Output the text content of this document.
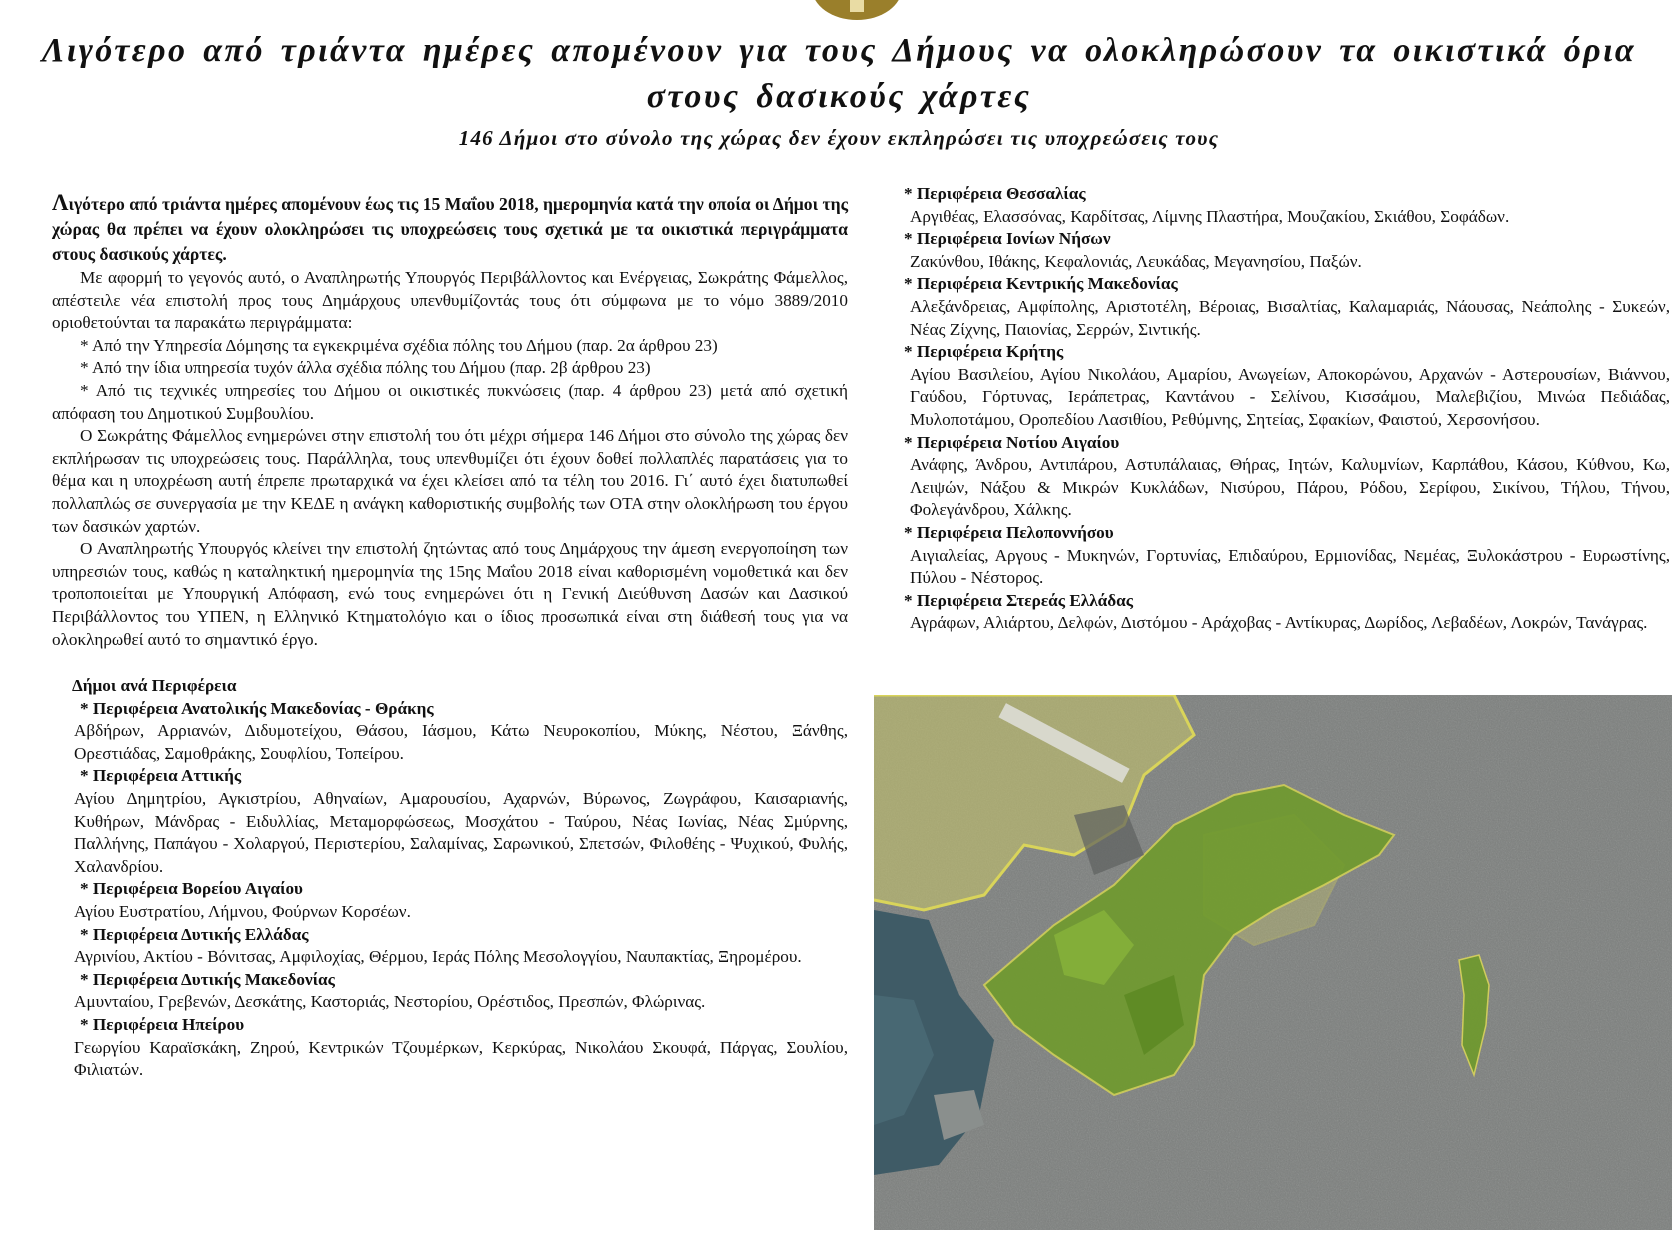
Λιγότερο από τριάντα ημέρες απομένουν για τους Δήμους να ολοκληρώσουν τα οικιστικά όρια στους δασικούς χάρτες

146 Δήμοι στο σύνολο της χώρας δεν έχουν εκπληρώσει τις υποχρεώσεις τους

Λιγότερο από τριάντα ημέρες απομένουν έως τις 15 Μαΐου 2018, ημερομηνία κατά την οποία οι Δήμοι της χώρας θα πρέπει να έχουν ολοκληρώσει τις υποχρεώσεις τους σχετικά με τα οικιστικά περιγράμματα στους δασικούς χάρτες.

Με αφορμή το γεγονός αυτό, ο Αναπληρωτής Υπουργός Περιβάλλοντος και Ενέργειας, Σωκράτης Φάμελλος, απέστειλε νέα επιστολή προς τους Δημάρχους υπενθυμίζοντάς τους ότι σύμφωνα με το νόμο 3889/2010 οριοθετούνται τα παρακάτω περιγράμματα:

* Από την Υπηρεσία Δόμησης τα εγκεκριμένα σχέδια πόλης του Δήμου (παρ. 2α άρθρου 23)

* Από την ίδια υπηρεσία τυχόν άλλα σχέδια πόλης του Δήμου (παρ. 2β άρθρου 23)

* Από τις τεχνικές υπηρεσίες του Δήμου οι οικιστικές πυκνώσεις (παρ. 4 άρθρου 23) μετά από σχετική απόφαση του Δημοτικού Συμβουλίου.

Ο Σωκράτης Φάμελλος ενημερώνει στην επιστολή του ότι μέχρι σήμερα 146 Δήμοι στο σύνολο της χώρας δεν εκπλήρωσαν τις υποχρεώσεις τους. Παράλληλα, τους υπενθυμίζει ότι έχουν δοθεί πολλαπλές παρατάσεις για το θέμα και η υποχρέωση αυτή έπρεπε πρωταρχικά να έχει κλείσει από τα τέλη του 2016. Γι΄ αυτό έχει διατυπωθεί πολλαπλώς σε συνεργασία με την ΚΕΔΕ η ανάγκη καθοριστικής συμβολής των ΟΤΑ στην ολοκλήρωση του έργου των δασικών χαρτών.

Ο Αναπληρωτής Υπουργός κλείνει την επιστολή ζητώντας από τους Δημάρχους την άμεση ενεργοποίηση των υπηρεσιών τους, καθώς η καταληκτική ημερομηνία της 15ης Μαΐου 2018 είναι καθορισμένη νομοθετικά και δεν τροποποιείται με Υπουργική Απόφαση, ενώ τους ενημερώνει ότι η Γενική Διεύθυνση Δασών και Δασικού Περιβάλλοντος του ΥΠΕΝ, η Ελληνικό Κτηματολόγιο και ο ίδιος προσωπικά είναι στη διάθεσή τους για να ολοκληρωθεί αυτό το σημαντικό έργο.

Δήμοι ανά Περιφέρεια

* Περιφέρεια Ανατολικής Μακεδονίας - Θράκης

Αβδήρων, Αρριανών, Διδυμοτείχου, Θάσου, Ιάσμου, Κάτω Νευροκοπίου, Μύκης, Νέστου, Ξάνθης, Ορεστιάδας, Σαμοθράκης, Σουφλίου, Τοπείρου.

* Περιφέρεια Αττικής

Αγίου Δημητρίου, Αγκιστρίου, Αθηναίων, Αμαρουσίου, Αχαρνών, Βύρωνος, Ζωγράφου, Καισαριανής, Κυθήρων, Μάνδρας - Ειδυλλίας, Μεταμορφώσεως, Μοσχάτου - Ταύρου, Νέας Ιωνίας, Νέας Σμύρνης, Παλλήνης, Παπάγου - Χολαργού, Περιστερίου, Σαλαμίνας, Σαρωνικού, Σπετσών, Φιλοθέης - Ψυχικού, Φυλής, Χαλανδρίου.

* Περιφέρεια Βορείου Αιγαίου

Αγίου Ευστρατίου, Λήμνου, Φούρνων Κορσέων.

* Περιφέρεια Δυτικής Ελλάδας

Αγρινίου, Ακτίου - Βόνιτσας, Αμφιλοχίας, Θέρμου, Ιεράς Πόλης Μεσολογγίου, Ναυπακτίας, Ξηρομέρου.

* Περιφέρεια Δυτικής Μακεδονίας

Αμυνταίου, Γρεβενών, Δεσκάτης, Καστοριάς, Νεστορίου, Ορέστιδος, Πρεσπών, Φλώρινας.

* Περιφέρεια Ηπείρου

Γεωργίου Καραϊσκάκη, Ζηρού, Κεντρικών Τζουμέρκων, Κερκύρας, Νικολάου Σκουφά, Πάργας, Σουλίου, Φιλιατών.

* Περιφέρεια Θεσσαλίας

Αργιθέας, Ελασσόνας, Καρδίτσας, Λίμνης Πλαστήρα, Μουζακίου, Σκιάθου, Σοφάδων.

* Περιφέρεια Ιονίων Νήσων

Ζακύνθου, Ιθάκης, Κεφαλονιάς, Λευκάδας, Μεγανησίου, Παξών.

* Περιφέρεια Κεντρικής Μακεδονίας

Αλεξάνδρειας, Αμφίπολης, Αριστοτέλη, Βέροιας, Βισαλτίας, Καλαμαριάς, Νάουσας, Νεάπολης - Συκεών, Νέας Ζίχνης, Παιονίας, Σερρών, Σιντικής.

* Περιφέρεια Κρήτης

Αγίου Βασιλείου, Αγίου Νικολάου, Αμαρίου, Ανωγείων, Αποκορώνου, Αρχανών - Αστερουσίων, Βιάννου, Γαύδου, Γόρτυνας, Ιεράπετρας, Καντάνου - Σελίνου, Κισσάμου, Μαλεβιζίου, Μινώα Πεδιάδας, Μυλοποτάμου, Οροπεδίου Λασιθίου, Ρεθύμνης, Σητείας, Σφακίων, Φαιστού, Χερσονήσου.

* Περιφέρεια Νοτίου Αιγαίου

Ανάφης, Άνδρου, Αντιπάρου, Αστυπάλαιας, Θήρας, Ιητών, Καλυμνίων, Καρπάθου, Κάσου, Κύθνου, Κω, Λειψών, Νάξου & Μικρών Κυκλάδων, Νισύρου, Πάρου, Ρόδου, Σερίφου, Σικίνου, Τήλου, Τήνου, Φολεγάνδρου, Χάλκης.

* Περιφέρεια Πελοποννήσου

Αιγιαλείας, Αργους - Μυκηνών, Γορτυνίας, Επιδαύρου, Ερμιονίδας, Νεμέας, Ξυλοκάστρου - Ευρωστίνης, Πύλου - Νέστορος.

* Περιφέρεια Στερεάς Ελλάδας

Αγράφων, Αλιάρτου, Δελφών, Διστόμου - Αράχοβας - Αντίκυρας, Δωρίδος, Λεβαδέων, Λοκρών, Τανάγρας.
